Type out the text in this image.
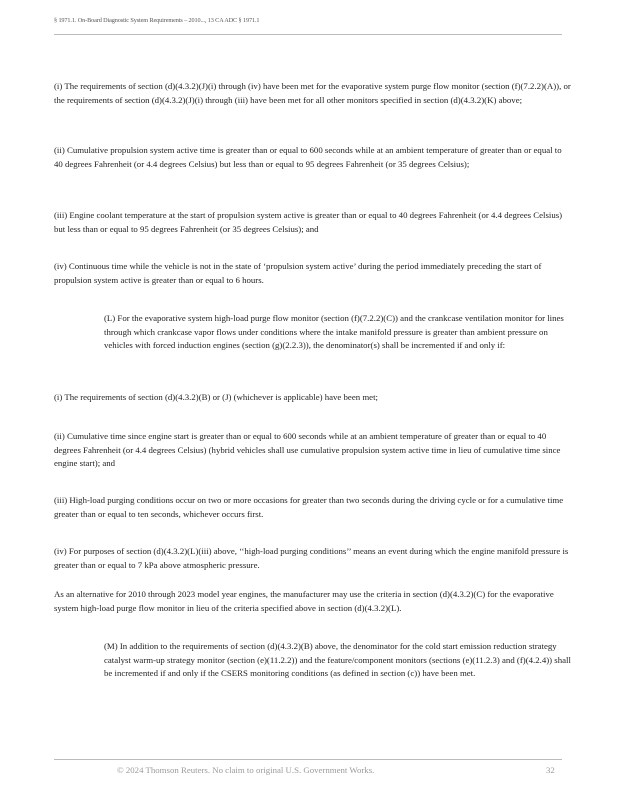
§ 1971.1. On-Board Diagnostic System Requirements – 2010..., 13 CA ADC § 1971.1

(i) The requirements of section (d)(4.3.2)(J)(i) through (iv) have been met for the evaporative system purge flow monitor (section (f)(7.2.2)(A)), or the requirements of section (d)(4.3.2)(J)(i) through (iii) have been met for all other monitors specified in section (d)(4.3.2)(K) above;

(ii) Cumulative propulsion system active time is greater than or equal to 600 seconds while at an ambient temperature of greater than or equal to 40 degrees Fahrenheit (or 4.4 degrees Celsius) but less than or equal to 95 degrees Fahrenheit (or 35 degrees Celsius);

(iii) Engine coolant temperature at the start of propulsion system active is greater than or equal to 40 degrees Fahrenheit (or 4.4 degrees Celsius) but less than or equal to 95 degrees Fahrenheit (or 35 degrees Celsius); and

(iv) Continuous time while the vehicle is not in the state of ‘propulsion system active’ during the period immediately preceding the start of propulsion system active is greater than or equal to 6 hours.

(L) For the evaporative system high-load purge flow monitor (section (f)(7.2.2)(C)) and the crankcase ventilation monitor for lines through which crankcase vapor flows under conditions where the intake manifold pressure is greater than ambient pressure on vehicles with forced induction engines (section (g)(2.2.3)), the denominator(s) shall be incremented if and only if:

(i) The requirements of section (d)(4.3.2)(B) or (J) (whichever is applicable) have been met;

(ii) Cumulative time since engine start is greater than or equal to 600 seconds while at an ambient temperature of greater than or equal to 40 degrees Fahrenheit (or 4.4 degrees Celsius) (hybrid vehicles shall use cumulative propulsion system active time in lieu of cumulative time since engine start); and

(iii) High-load purging conditions occur on two or more occasions for greater than two seconds during the driving cycle or for a cumulative time greater than or equal to ten seconds, whichever occurs first.

(iv) For purposes of section (d)(4.3.2)(L)(iii) above, ‘‘high-load purging conditions’’ means an event during which the engine manifold pressure is greater than or equal to 7 kPa above atmospheric pressure.

As an alternative for 2010 through 2023 model year engines, the manufacturer may use the criteria in section (d)(4.3.2)(C) for the evaporative system high-load purge flow monitor in lieu of the criteria specified above in section (d)(4.3.2)(L).

(M) In addition to the requirements of section (d)(4.3.2)(B) above, the denominator for the cold start emission reduction strategy catalyst warm-up strategy monitor (section (e)(11.2.2)) and the feature/component monitors (sections (e)(11.2.3) and (f)(4.2.4)) shall be incremented if and only if the CSERS monitoring conditions (as defined in section (c)) have been met.

© 2024 Thomson Reuters. No claim to original U.S. Government Works.	32
